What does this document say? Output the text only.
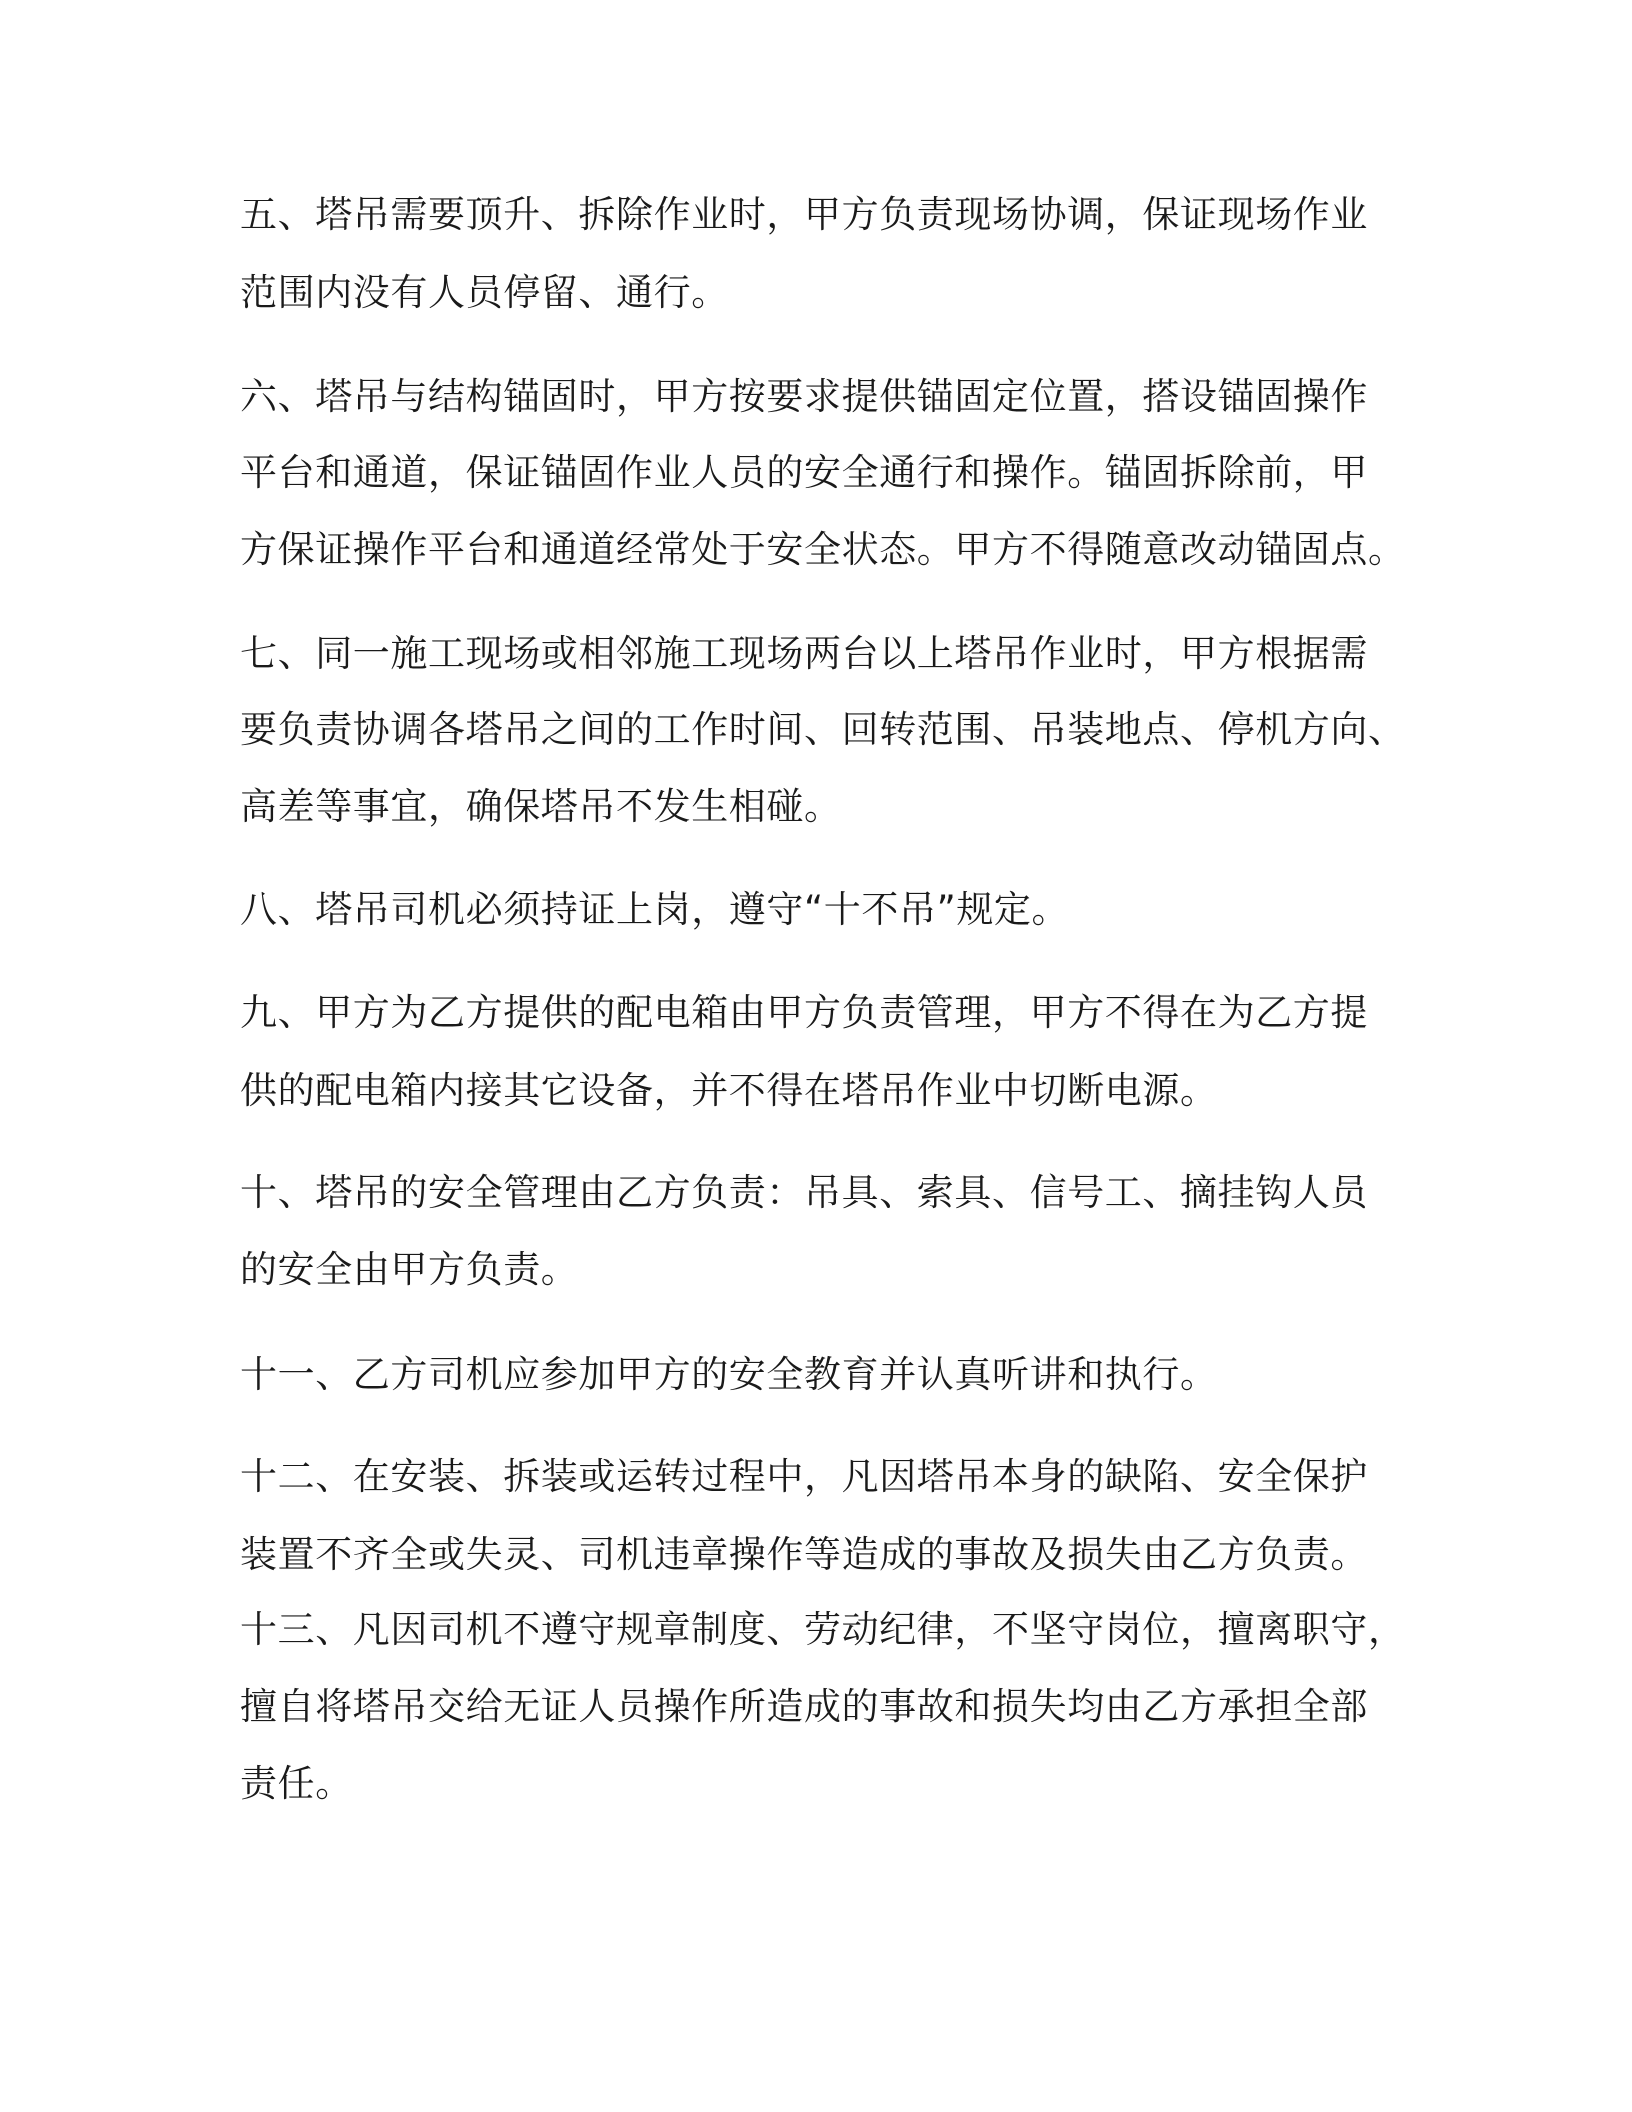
五、塔吊需要顶升、拆除作业时，甲方负责现场协调，保证现场作业

范围内没有人员停留、通行。

六、塔吊与结构锚固时，甲方按要求提供锚固定位置，搭设锚固操作

平台和通道，保证锚固作业人员的安全通行和操作。锚固拆除前，甲

方保证操作平台和通道经常处于安全状态。甲方不得随意改动锚固点。

七、同一施工现场或相邻施工现场两台以上塔吊作业时，甲方根据需

要负责协调各塔吊之间的工作时间、回转范围、吊装地点、停机方向、

高差等事宜，确保塔吊不发生相碰。

八、塔吊司机必须持证上岗，遵守“十不吊”规定。

九、甲方为乙方提供的配电箱由甲方负责管理，甲方不得在为乙方提

供的配电箱内接其它设备，并不得在塔吊作业中切断电源。

十、塔吊的安全管理由乙方负责：吊具、索具、信号工、摘挂钩人员

的安全由甲方负责。

十一、乙方司机应参加甲方的安全教育并认真听讲和执行。

十二、在安装、拆装或运转过程中，凡因塔吊本身的缺陷、安全保护

装置不齐全或失灵、司机违章操作等造成的事故及损失由乙方负责。

十三、凡因司机不遵守规章制度、劳动纪律，不坚守岗位，擅离职守，

擅自将塔吊交给无证人员操作所造成的事故和损失均由乙方承担全部

责任。
